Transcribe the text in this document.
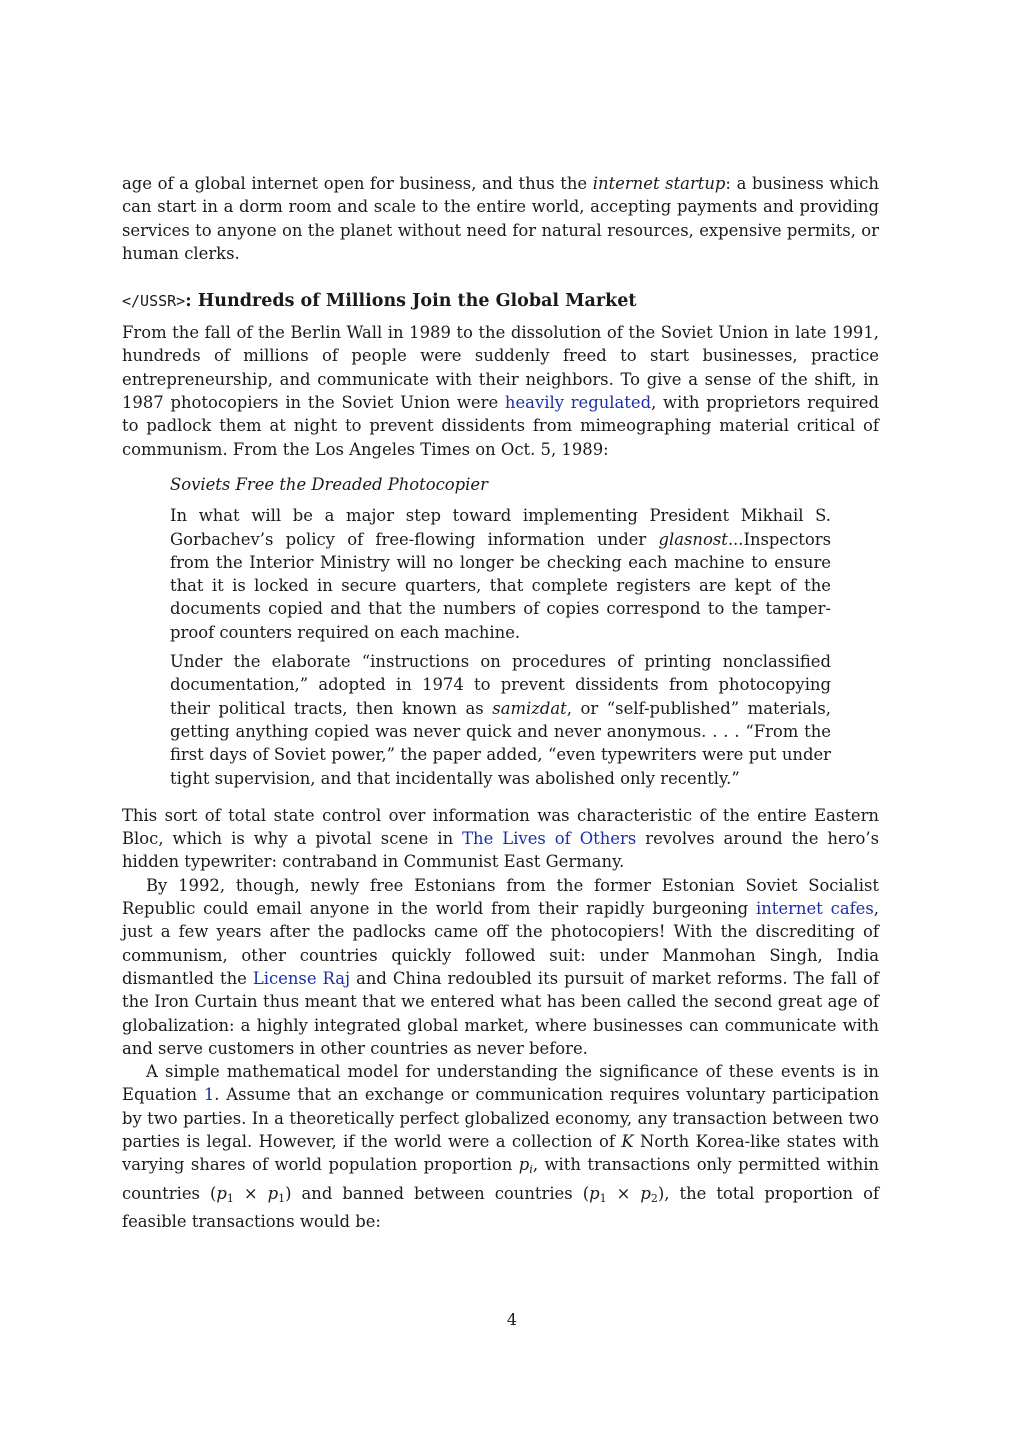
age of a global internet open for business, and thus the internet startup: a business which can start in a dorm room and scale to the entire world, accepting payments and providing services to anyone on the planet without need for natural resources, expensive permits, or human clerks.

</USSR>: Hundreds of Millions Join the Global Market

From the fall of the Berlin Wall in 1989 to the dissolution of the Soviet Union in late 1991, hundreds of millions of people were suddenly freed to start businesses, practice entrepreneurship, and communicate with their neighbors. To give a sense of the shift, in 1987 photocopiers in the Soviet Union were heavily regulated, with proprietors required to padlock them at night to prevent dissidents from mimeographing material critical of communism. From the Los Angeles Times on Oct. 5, 1989:

Soviets Free the Dreaded Photocopier

In what will be a major step toward implementing President Mikhail S. Gorbachev’s policy of free-flowing information under glasnost...Inspectors from the Interior Ministry will no longer be checking each machine to ensure that it is locked in secure quarters, that complete registers are kept of the documents copied and that the numbers of copies correspond to the tamper-proof counters required on each machine.

Under the elaborate “instructions on procedures of printing nonclassified documentation,” adopted in 1974 to prevent dissidents from photocopying their political tracts, then known as samizdat, or “self-published” materials, getting anything copied was never quick and never anonymous. . . . “From the first days of Soviet power,” the paper added, “even typewriters were put under tight supervision, and that incidentally was abolished only recently.”

This sort of total state control over information was characteristic of the entire Eastern Bloc, which is why a pivotal scene in The Lives of Others revolves around the hero’s hidden typewriter: contraband in Communist East Germany.

By 1992, though, newly free Estonians from the former Estonian Soviet Socialist Republic could email anyone in the world from their rapidly burgeoning internet cafes, just a few years after the padlocks came off the photocopiers! With the discrediting of communism, other countries quickly followed suit: under Manmohan Singh, India dismantled the License Raj and China redoubled its pursuit of market reforms. The fall of the Iron Curtain thus meant that we entered what has been called the second great age of globalization: a highly integrated global market, where businesses can communicate with and serve customers in other countries as never before.

A simple mathematical model for understanding the significance of these events is in Equation 1. Assume that an exchange or communication requires voluntary participation by two parties. In a theoretically perfect globalized economy, any transaction between two parties is legal. However, if the world were a collection of K North Korea-like states with varying shares of world population proportion $p_i$, with transactions only permitted within countries $(p_1 \times p_1)$ and banned between countries $(p_1 \times p_2)$, the total proportion of feasible transactions would be:

4
